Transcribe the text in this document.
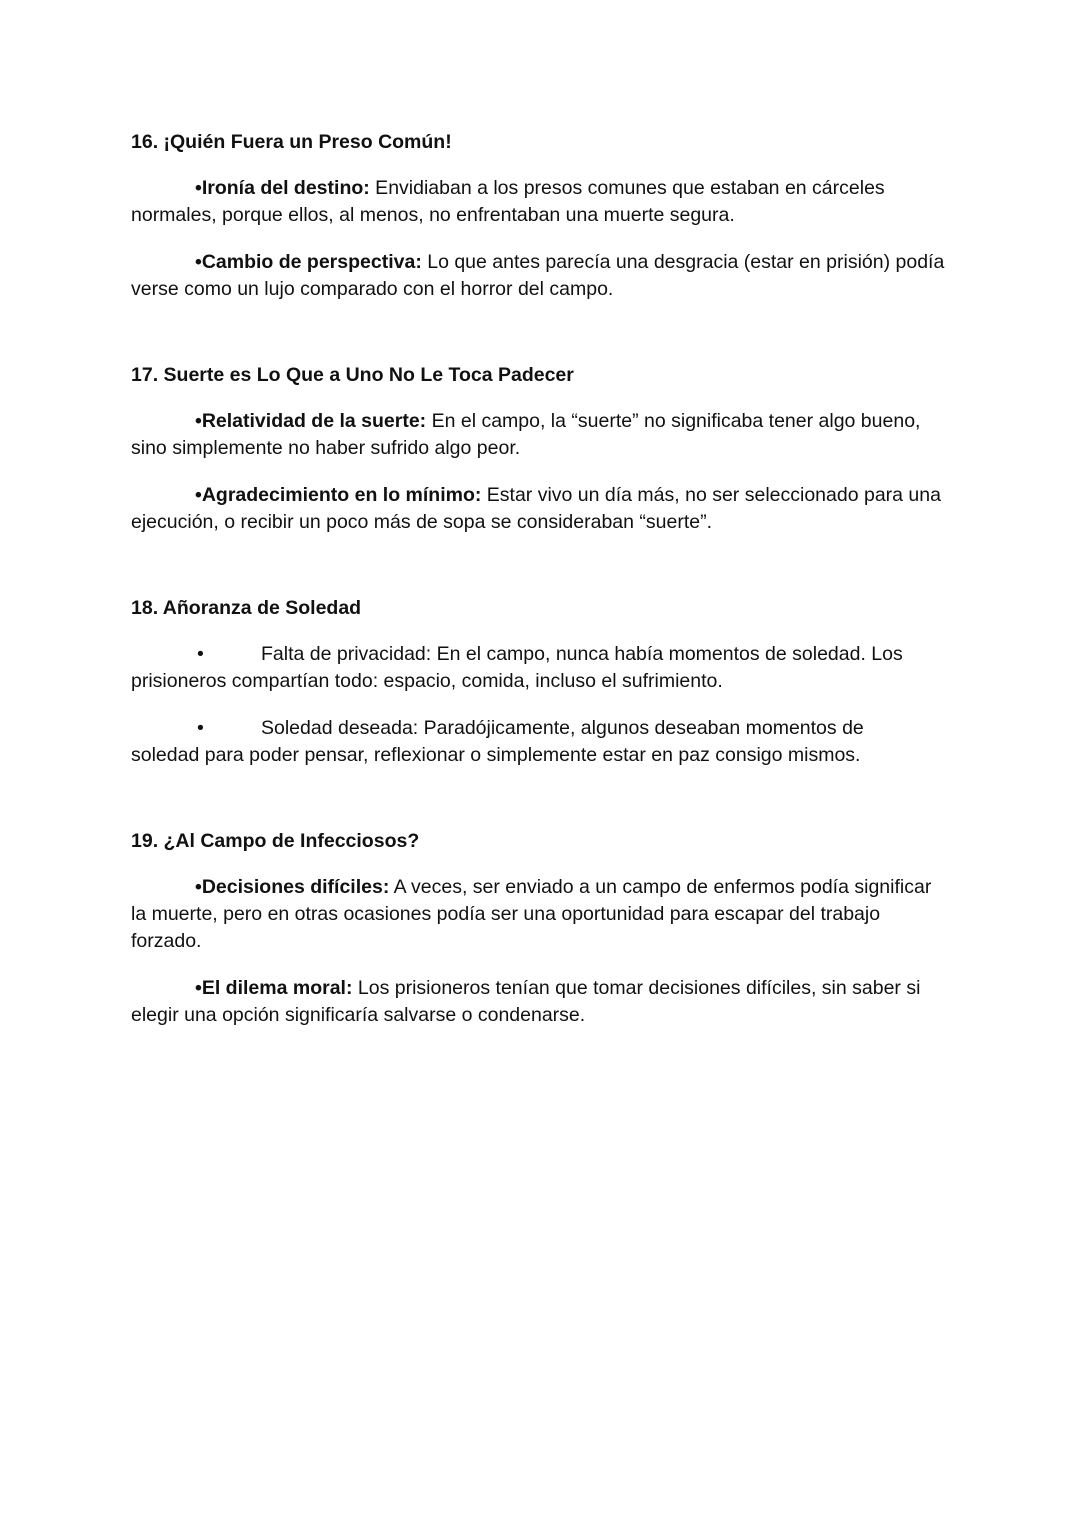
16. ¡Quién Fuera un Preso Común!

•Ironía del destino: Envidiaban a los presos comunes que estaban en cárceles normales, porque ellos, al menos, no enfrentaban una muerte segura.

•Cambio de perspectiva: Lo que antes parecía una desgracia (estar en prisión) podía verse como un lujo comparado con el horror del campo.

17. Suerte es Lo Que a Uno No Le Toca Padecer

•Relatividad de la suerte: En el campo, la “suerte” no significaba tener algo bueno, sino simplemente no haber sufrido algo peor.

•Agradecimiento en lo mínimo: Estar vivo un día más, no ser seleccionado para una ejecución, o recibir un poco más de sopa se consideraban “suerte”.

18. Añoranza de Soledad

•	Falta de privacidad: En el campo, nunca había momentos de soledad. Los
prisioneros compartían todo: espacio, comida, incluso el sufrimiento.

•	Soledad deseada: Paradójicamente, algunos deseaban momentos de
soledad para poder pensar, reflexionar o simplemente estar en paz consigo mismos.

19. ¿Al Campo de Infecciosos?

•Decisiones difíciles: A veces, ser enviado a un campo de enfermos podía significar la muerte, pero en otras ocasiones podía ser una oportunidad para escapar del trabajo forzado.

•El dilema moral: Los prisioneros tenían que tomar decisiones difíciles, sin saber si elegir una opción significaría salvarse o condenarse.
